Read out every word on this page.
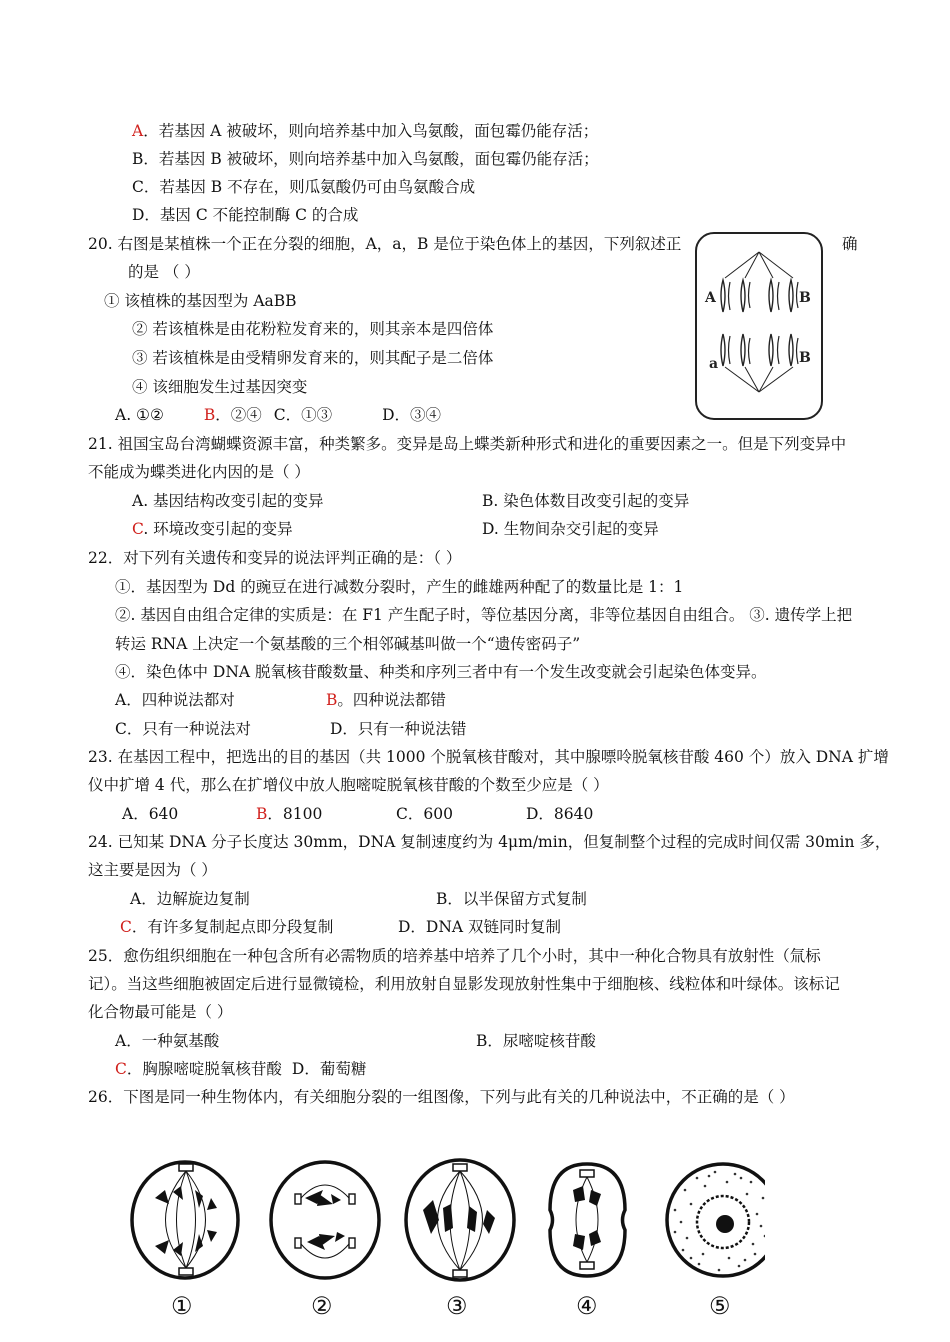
A．若基因 A 被破坏，则向培养基中加入鸟氨酸，面包霉仍能存活；
B．若基因 B 被破坏，则向培养基中加入鸟氨酸，面包霉仍能存活；
C．若基因 B 不存在，则瓜氨酸仍可由鸟氨酸合成
D．基因 C 不能控制酶 C 的合成
20. 右图是某植株一个正在分裂的细胞，A，a，B 是位于染色体上的基因，下列叙述正	确
的是 （ ）
① 该植株的基因型为 AaBB
② 若该植株是由花粉粒发育来的，则其亲本是四倍体
③ 若该植株是由受精卵发育来的，则其配子是二倍体
④ 该细胞发生过基因突变
A. ①②	B．②④ C．①③	D．③④
A	B
a	B
21. 祖国宝岛台湾蝴蝶资源丰富，种类繁多。变异是岛上蝶类新种形式和进化的重要因素之一。但是下列变异中
不能成为蝶类进化内因的是（ ）
A. 基因结构改变引起的变异	B. 染色体数目改变引起的变异
C. 环境改变引起的变异	D. 生物间杂交引起的变异
22．对下列有关遗传和变异的说法评判正确的是：（ ）
①．基因型为 Dd 的豌豆在进行减数分裂时，产生的雌雄两种配了的数量比是 1：1
②. 基因自由组合定律的实质是：在 F1 产生配子时，等位基因分离，非等位基因自由组合。 ③. 遗传学上把
转运 RNA 上决定一个氨基酸的三个相邻碱基叫做一个“遗传密码子”
④．染色体中 DNA 脱氧核苷酸数量、种类和序列三者中有一个发生改变就会引起染色体变异。
A．四种说法都对	B。四种说法都错
C．只有一种说法对	D．只有一种说法错
23. 在基因工程中，把选出的目的基因（共 1000 个脱氧核苷酸对，其中腺嘌呤脱氧核苷酸 460 个）放入 DNA 扩增
仪中扩增 4 代，那么在扩增仪中放人胞嘧啶脱氧核苷酸的个数至少应是（ ）
A．640	B．8100	C．600	D．8640
24. 已知某 DNA 分子长度达 30mm，DNA 复制速度约为 4μm/min，但复制整个过程的完成时间仅需 30min 多，
这主要是因为（ ）
A．边解旋边复制	B．以半保留方式复制
C．有许多复制起点即分段复制	D．DNA 双链同时复制
25．愈伤组织细胞在一种包含所有必需物质的培养基中培养了几个小时，其中一种化合物具有放射性（氚标
记）。当这些细胞被固定后进行显微镜检，利用放射自显影发现放射性集中于细胞核、线粒体和叶绿体。该标记
化合物最可能是（ ）
A．一种氨基酸	B．尿嘧啶核苷酸
C．胸腺嘧啶脱氧核苷酸 D．葡萄糖
26．下图是同一种生物体内，有关细胞分裂的一组图像，下列与此有关的几种说法中，不正确的是（ ）
①	②	③	④	⑤
